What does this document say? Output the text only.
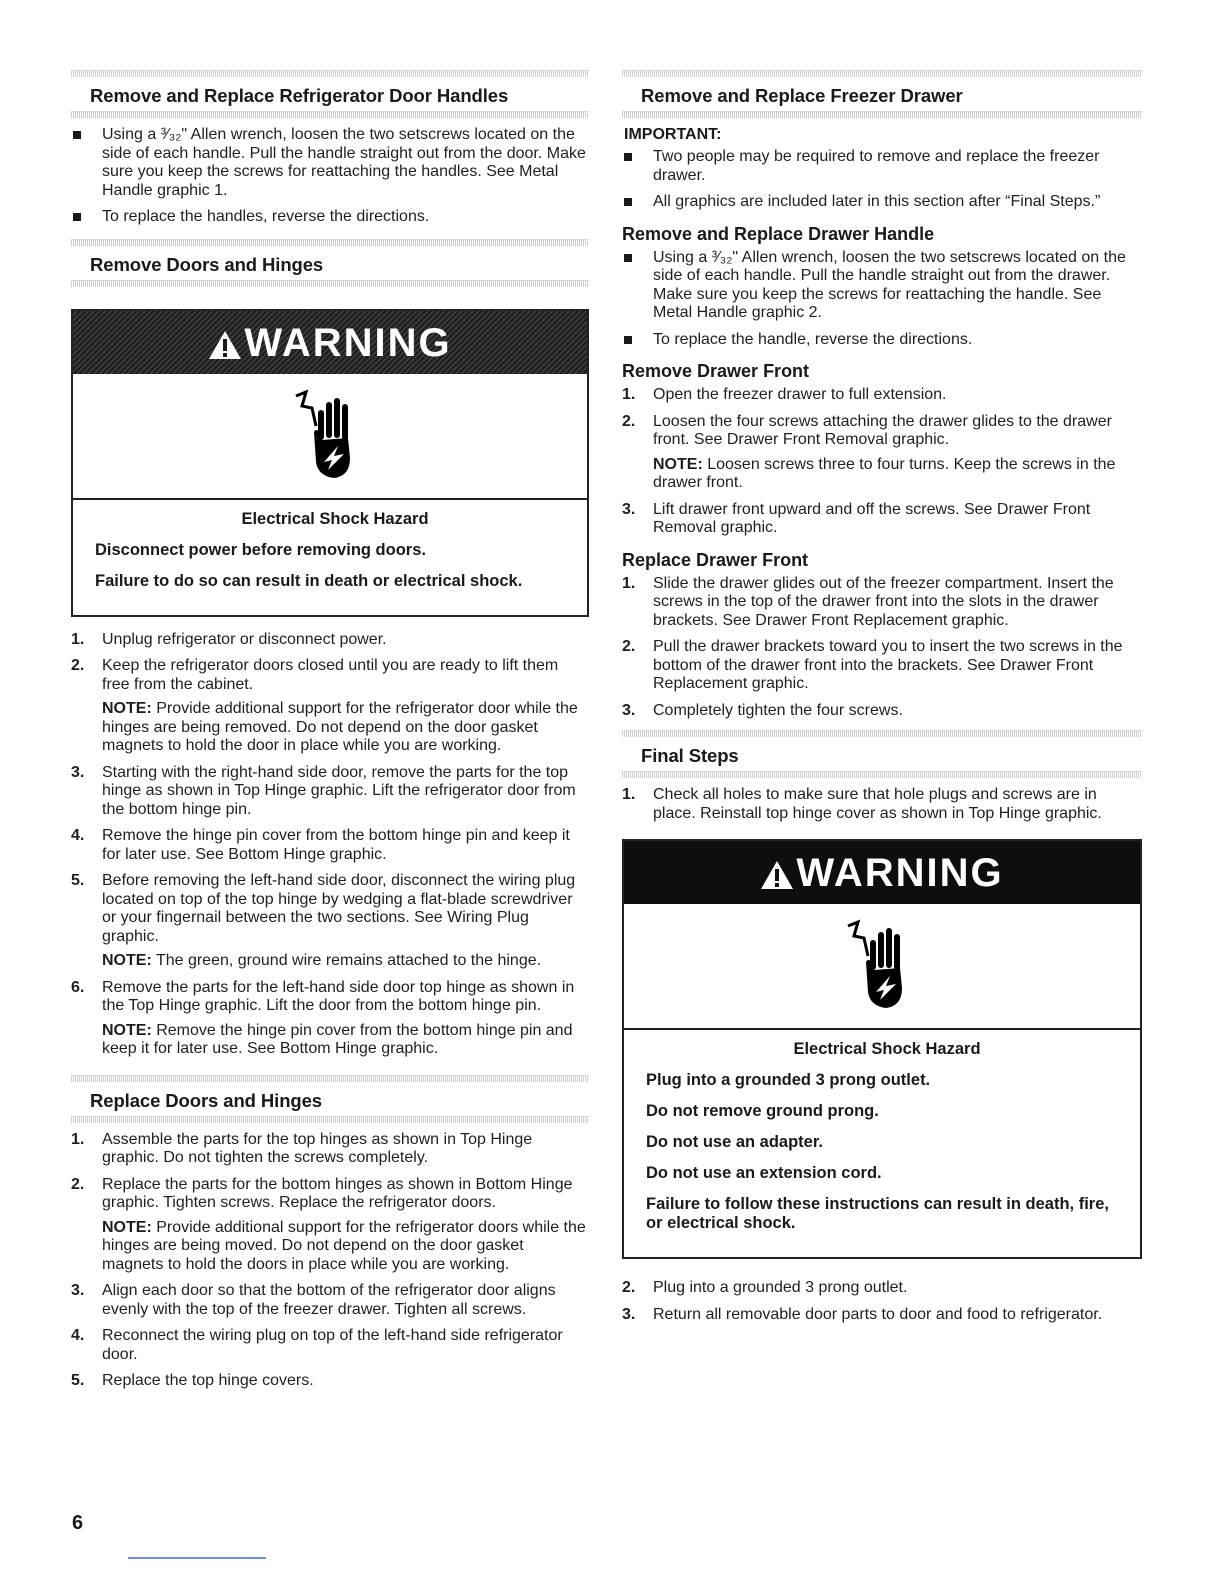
Remove and Replace Refrigerator Door Handles
Using a ³⁄₃₂" Allen wrench, loosen the two setscrews located on the side of each handle. Pull the handle straight out from the door. Make sure you keep the screws for reattaching the handles. See Metal Handle graphic 1.
To replace the handles, reverse the directions.
Remove Doors and Hinges
WARNING

Electrical Shock Hazard

Disconnect power before removing doors.

Failure to do so can result in death or electrical shock.

1. Unplug refrigerator or disconnect power.
2. Keep the refrigerator doors closed until you are ready to lift them free from the cabinet.
NOTE: Provide additional support for the refrigerator door while the hinges are being removed. Do not depend on the door gasket magnets to hold the door in place while you are working.
3. Starting with the right-hand side door, remove the parts for the top hinge as shown in Top Hinge graphic. Lift the refrigerator door from the bottom hinge pin.
4. Remove the hinge pin cover from the bottom hinge pin and keep it for later use. See Bottom Hinge graphic.
5. Before removing the left-hand side door, disconnect the wiring plug located on top of the top hinge by wedging a flat-blade screwdriver or your fingernail between the two sections. See Wiring Plug graphic.
NOTE: The green, ground wire remains attached to the hinge.
6. Remove the parts for the left-hand side door top hinge as shown in the Top Hinge graphic. Lift the door from the bottom hinge pin.
NOTE: Remove the hinge pin cover from the bottom hinge pin and keep it for later use. See Bottom Hinge graphic.
Replace Doors and Hinges
1. Assemble the parts for the top hinges as shown in Top Hinge graphic. Do not tighten the screws completely.
2. Replace the parts for the bottom hinges as shown in Bottom Hinge graphic. Tighten screws. Replace the refrigerator doors.
NOTE: Provide additional support for the refrigerator doors while the hinges are being moved. Do not depend on the door gasket magnets to hold the doors in place while you are working.
3. Align each door so that the bottom of the refrigerator door aligns evenly with the top of the freezer drawer. Tighten all screws.
4. Reconnect the wiring plug on top of the left-hand side refrigerator door.
5. Replace the top hinge covers.
Remove and Replace Freezer Drawer
IMPORTANT:
Two people may be required to remove and replace the freezer drawer.
All graphics are included later in this section after “Final Steps.”
Remove and Replace Drawer Handle
Using a ³⁄₃₂" Allen wrench, loosen the two setscrews located on the side of each handle. Pull the handle straight out from the drawer. Make sure you keep the screws for reattaching the handle. See Metal Handle graphic 2.
To replace the handle, reverse the directions.
Remove Drawer Front
1. Open the freezer drawer to full extension.
2. Loosen the four screws attaching the drawer glides to the drawer front. See Drawer Front Removal graphic.
NOTE: Loosen screws three to four turns. Keep the screws in the drawer front.
3. Lift drawer front upward and off the screws. See Drawer Front Removal graphic.
Replace Drawer Front
1. Slide the drawer glides out of the freezer compartment. Insert the screws in the top of the drawer front into the slots in the drawer brackets. See Drawer Front Replacement graphic.
2. Pull the drawer brackets toward you to insert the two screws in the bottom of the drawer front into the brackets. See Drawer Front Replacement graphic.
3. Completely tighten the four screws.
Final Steps
1. Check all holes to make sure that hole plugs and screws are in place. Reinstall top hinge cover as shown in Top Hinge graphic.
WARNING

Electrical Shock Hazard

Plug into a grounded 3 prong outlet.

Do not remove ground prong.

Do not use an adapter.

Do not use an extension cord.

Failure to follow these instructions can result in death, fire, or electrical shock.

2. Plug into a grounded 3 prong outlet.
3. Return all removable door parts to door and food to refrigerator.
6
